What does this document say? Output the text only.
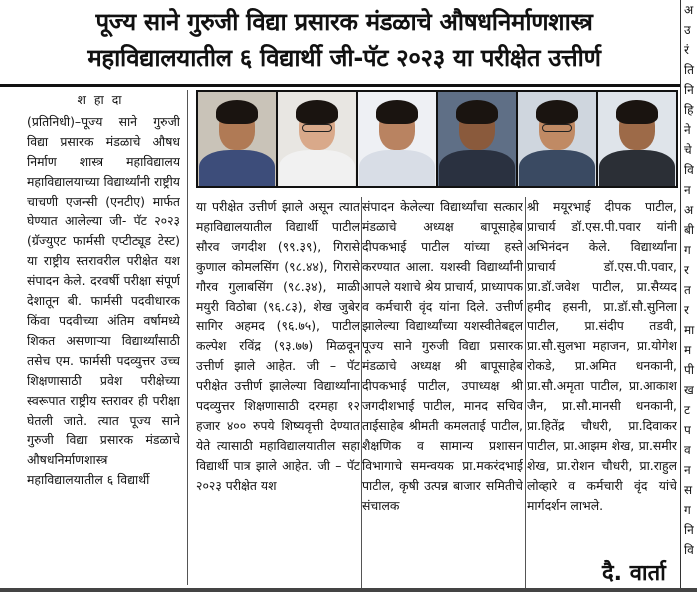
पूज्य साने गुरुजी विद्या प्रसारक मंडळाचे औषधनिर्माणशास्त्र
महाविद्यालयातील ६ विद्यार्थी जी-पॅट २०२३ या परीक्षेत उत्तीर्ण

शहादा

(प्रतिनिधी)–पूज्य साने गुरुजी विद्या प्रसारक मंडळाचे औषध निर्माण शास्त्र महाविद्यालय महाविद्यालयाच्या विद्यार्थ्यांनी राष्ट्रीय चाचणी एजन्सी (एनटीए) मार्फत घेण्यात आलेल्या जी- पॅट २०२३ (ग्रॅज्युएट फार्मसी एप्टीट्यूड टेस्ट) या राष्ट्रीय स्तरावरील परीक्षेत यश संपादन केले. दरवर्षी परीक्षा संपूर्ण देशातून बी. फार्मसी पदवीधारक किंवा पदवीच्या अंतिम वर्षामध्ये शिकत असणाऱ्या विद्यार्थ्यांसाठी तसेच एम. फार्मसी पदव्युत्तर उच्च शिक्षणासाठी प्रवेश परीक्षेच्या स्वरूपात राष्ट्रीय स्तरावर ही परीक्षा घेतली जाते. त्यात पूज्य साने गुरुजी विद्या प्रसारक मंडळाचे औषधनिर्माणशास्त्र महाविद्यालयातील ६ विद्यार्थी

या परीक्षेत उत्तीर्ण झाले असून त्यात महाविद्यालयातील विद्यार्थी पाटील सौरव जगदीश (९९.३९), गिरासे कुणाल कोमलसिंग (९८.४४), गिरासे गौरव गुलाबसिंग (९८.३४), माळी मयुरी विठोबा (९६.८३), शेख जुबेर सागिर अहमद (९६.७५), पाटील कल्पेश रविंद्र (९३.७७) मिळवून उत्तीर्ण झाले आहेत. जी – पॅट परीक्षेत उत्तीर्ण झालेल्या विद्यार्थ्यांना पदव्युत्तर शिक्षणासाठी दरमहा १२ हजार ४०० रुपये शिष्यवृत्ती देण्यात येते त्यासाठी महाविद्यालयातील सहा विद्यार्थी पात्र झाले आहेत. जी – पॅट २०२३ परीक्षेत यश

संपादन केलेल्या विद्यार्थ्यांचा सत्कार मंडळाचे अध्यक्ष बापूसाहेब दीपकभाई पाटील यांच्या हस्ते करण्यात आला. यशस्वी विद्यार्थ्यांनी आपले यशाचे श्रेय प्राचार्य, प्राध्यापक व कर्मचारी वृंद यांना दिले. उत्तीर्ण झालेल्या विद्यार्थ्यांच्या यशस्वीतेबद्दल पूज्य साने गुरुजी विद्या प्रसारक मंडळाचे अध्यक्ष श्री बापूसाहेब दीपकभाई पाटील, उपाध्यक्ष श्री जगदीशभाई पाटील, मानद सचिव ताईसाहेब श्रीमती कमलताई पाटील, शैक्षणिक व सामान्य प्रशासन विभागाचे समन्वयक प्रा.मकरंदभाई पाटील, कृषी उत्पन्न बाजार समितीचे संचालक

श्री मयूरभाई दीपक पाटील, प्राचार्य डॉ.एस.पी.पवार यांनी अभिनंदन केले. विद्यार्थ्यांना प्राचार्य डॉ.एस.पी.पवार, प्रा.डॉ.जवेश पाटील, प्रा.सैय्यद हमीद हसनी, प्रा.डॉ.सौ.सुनिला पाटील, प्रा.संदीप तडवी, प्रा.सौ.सुलभा महाजन, प्रा.योगेश रोकडे, प्रा.अमित धनकानी, प्रा.सौ.अमृता पाटील, प्रा.आकाश जैन, प्रा.सौ.मानसी धनकानी, प्रा.हितेंद्र चौधरी, प्रा.दिवाकर पाटील, प्रा.आझम शेख, प्रा.समीर शेख, प्रा.रोशन चौधरी, प्रा.राहुल लोव्हारे व कर्मचारी वृंद यांचे मार्गदर्शन लाभले.

दै. वार्ता
अ
उ
रं
ति
नि
हि
ने
चे
वि
न
अ
बी
ग
र
त
र
मा
म
पी
ख
ट
प
व
न
स
ग
नि
वि
